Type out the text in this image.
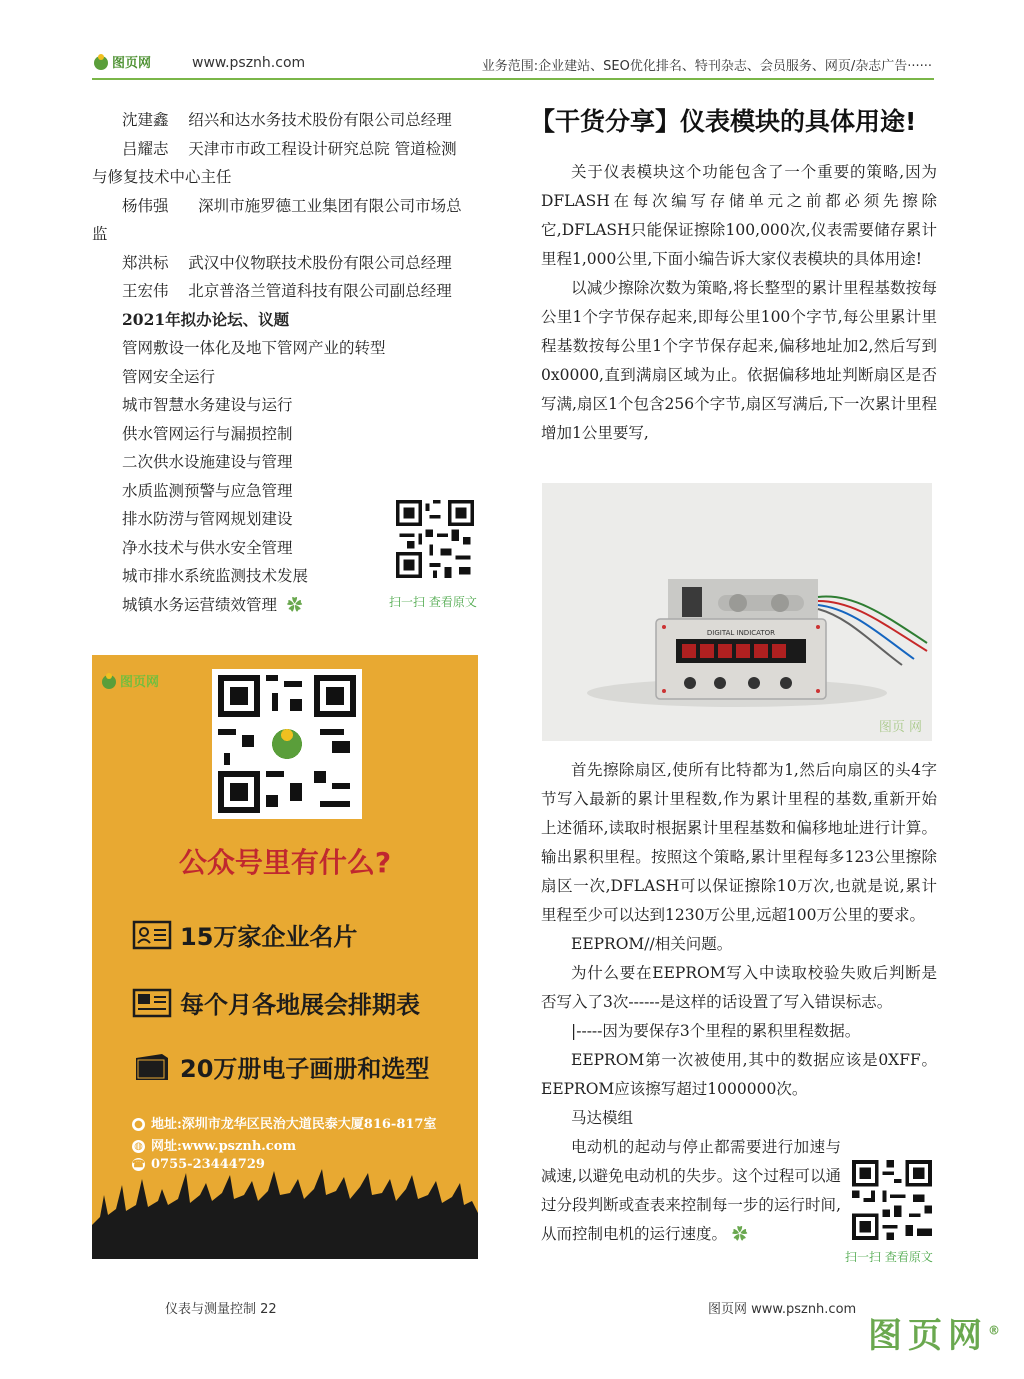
图页网	www.psznh.com	业务范围:企业建站、SEO优化排名、特刊杂志、会员服务、网页/杂志广告······

沈建鑫 绍兴和达水务技术股份有限公司总经理

吕耀志 天津市市政工程设计研究总院 管道检测

与修复技术中心主任

杨伟强 深圳市施罗德工业集团有限公司市场总

监

郑洪标 武汉中仪物联技术股份有限公司总经理

王宏伟 北京普洛兰管道科技有限公司副总经理

2021年拟办论坛、议题

管网敷设一体化及地下管网产业的转型

管网安全运行

城市智慧水务建设与运行

供水管网运行与漏损控制

二次供水设施建设与管理

水质监测预警与应急管理

排水防涝与管网规划建设

净水技术与供水安全管理

城市排水系统监测技术发展

城镇水务运营绩效管理 ✿	扫一扫 查看原文
图页网
公众号里有什么?
15万家企业名片
每个月各地展会排期表
20万册电子画册和选型
● 地址:深圳市龙华区民治大道民泰大厦816-817室
◍ 网址:www.psznh.com
☎ 0755-23444729
【干货分享】仪表模块的具体用途!

关于仪表模块这个功能包含了一个重要的策略,因为DFLASH在每次编写存储单元之前都必须先擦除它,DFLASH只能保证擦除100,000次,仪表需要储存累计里程1,000公里,下面小编告诉大家仪表模块的具体用途!

以减少擦除次数为策略,将长整型的累计里程基数按每公里1个字节保存起来,即每公里100个字节,每公里累计里程基数按每公里1个字节保存起来,偏移地址加2,然后写到0x0000,直到满扇区域为止。依据偏移地址判断扇区是否写满,扇区1个包含256个字节,扇区写满后,下一次累计里程增加1公里要写,

DIGITAL INDICATOR
图页 网

首先擦除扇区,使所有比特都为1,然后向扇区的头4字节写入最新的累计里程数,作为累计里程的基数,重新开始上述循环,读取时根据累计里程基数和偏移地址进行计算。输出累积里程。按照这个策略,累计里程每多123公里擦除扇区一次,DFLASH可以保证擦除10万次,也就是说,累计里程至少可以达到1230万公里,远超100万公里的要求。

EEPROM//相关问题。

为什么要在EEPROM写入中读取校验失败后判断是否写入了3次------是这样的话设置了写入错误标志。

|-----因为要保存3个里程的累积里程数据。

EEPROM第一次被使用,其中的数据应该是0XFF。EEPROM应该擦写超过1000000次。

马达模组

电动机的起动与停止都需要进行加速与减速,以避免电动机的失步。这个过程可以通过分段判断或查表来控制每一步的运行时间,从而控制电机的运行速度。 ✿

扫一扫 查看原文
仪表与测量控制 22	图页网 www.psznh.com
图页网®
